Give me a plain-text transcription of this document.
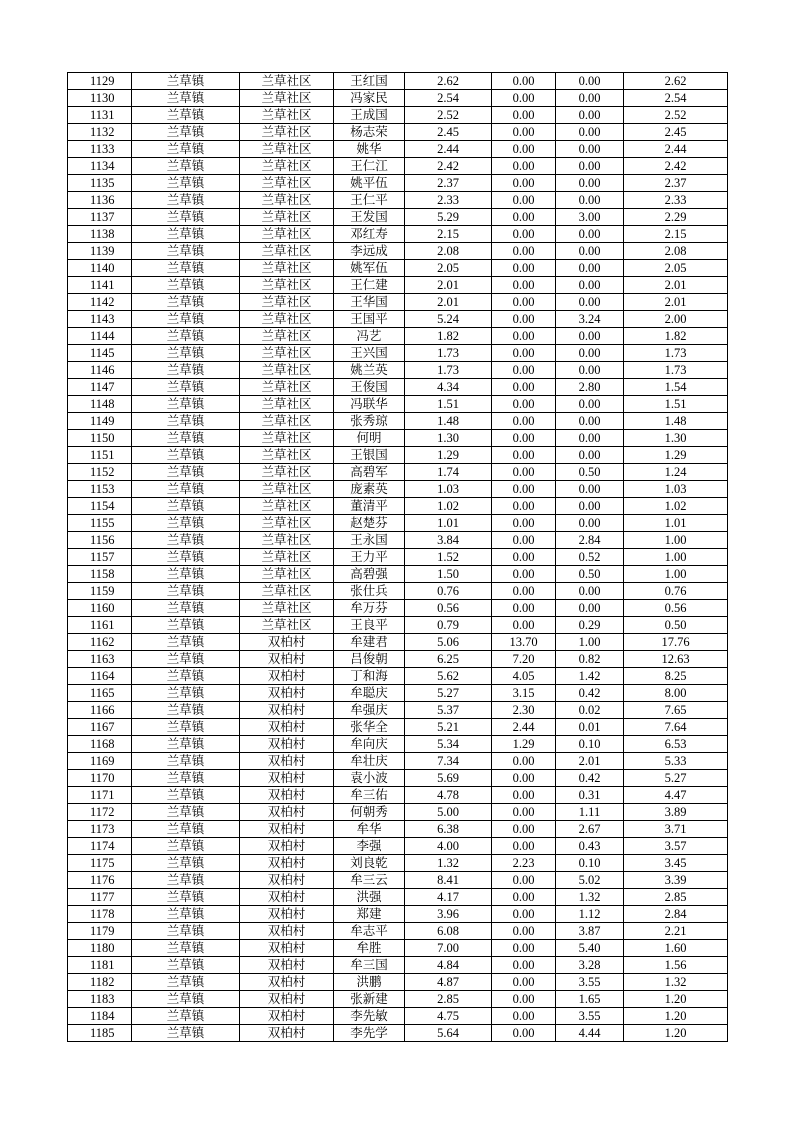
1129	兰草镇	兰草社区	王红国	2.62	0.00	0.00	2.62
1130	兰草镇	兰草社区	冯家民	2.54	0.00	0.00	2.54
1131	兰草镇	兰草社区	王成国	2.52	0.00	0.00	2.52
1132	兰草镇	兰草社区	杨志荣	2.45	0.00	0.00	2.45
1133	兰草镇	兰草社区	姚华	2.44	0.00	0.00	2.44
1134	兰草镇	兰草社区	王仁江	2.42	0.00	0.00	2.42
1135	兰草镇	兰草社区	姚平伍	2.37	0.00	0.00	2.37
1136	兰草镇	兰草社区	王仁平	2.33	0.00	0.00	2.33
1137	兰草镇	兰草社区	王发国	5.29	0.00	3.00	2.29
1138	兰草镇	兰草社区	邓红寿	2.15	0.00	0.00	2.15
1139	兰草镇	兰草社区	李远成	2.08	0.00	0.00	2.08
1140	兰草镇	兰草社区	姚军伍	2.05	0.00	0.00	2.05
1141	兰草镇	兰草社区	王仁建	2.01	0.00	0.00	2.01
1142	兰草镇	兰草社区	王华国	2.01	0.00	0.00	2.01
1143	兰草镇	兰草社区	王国平	5.24	0.00	3.24	2.00
1144	兰草镇	兰草社区	冯艺	1.82	0.00	0.00	1.82
1145	兰草镇	兰草社区	王兴国	1.73	0.00	0.00	1.73
1146	兰草镇	兰草社区	姚兰英	1.73	0.00	0.00	1.73
1147	兰草镇	兰草社区	王俊国	4.34	0.00	2.80	1.54
1148	兰草镇	兰草社区	冯联华	1.51	0.00	0.00	1.51
1149	兰草镇	兰草社区	张秀琼	1.48	0.00	0.00	1.48
1150	兰草镇	兰草社区	何明	1.30	0.00	0.00	1.30
1151	兰草镇	兰草社区	王银国	1.29	0.00	0.00	1.29
1152	兰草镇	兰草社区	高碧军	1.74	0.00	0.50	1.24
1153	兰草镇	兰草社区	庞素英	1.03	0.00	0.00	1.03
1154	兰草镇	兰草社区	董清平	1.02	0.00	0.00	1.02
1155	兰草镇	兰草社区	赵楚芬	1.01	0.00	0.00	1.01
1156	兰草镇	兰草社区	王永国	3.84	0.00	2.84	1.00
1157	兰草镇	兰草社区	王力平	1.52	0.00	0.52	1.00
1158	兰草镇	兰草社区	高碧强	1.50	0.00	0.50	1.00
1159	兰草镇	兰草社区	张仕兵	0.76	0.00	0.00	0.76
1160	兰草镇	兰草社区	牟万芬	0.56	0.00	0.00	0.56
1161	兰草镇	兰草社区	王良平	0.79	0.00	0.29	0.50
1162	兰草镇	双柏村	牟建君	5.06	13.70	1.00	17.76
1163	兰草镇	双柏村	吕俊朝	6.25	7.20	0.82	12.63
1164	兰草镇	双柏村	丁和海	5.62	4.05	1.42	8.25
1165	兰草镇	双柏村	牟聪庆	5.27	3.15	0.42	8.00
1166	兰草镇	双柏村	牟强庆	5.37	2.30	0.02	7.65
1167	兰草镇	双柏村	张华全	5.21	2.44	0.01	7.64
1168	兰草镇	双柏村	牟向庆	5.34	1.29	0.10	6.53
1169	兰草镇	双柏村	牟壮庆	7.34	0.00	2.01	5.33
1170	兰草镇	双柏村	袁小波	5.69	0.00	0.42	5.27
1171	兰草镇	双柏村	牟三佑	4.78	0.00	0.31	4.47
1172	兰草镇	双柏村	何朝秀	5.00	0.00	1.11	3.89
1173	兰草镇	双柏村	牟华	6.38	0.00	2.67	3.71
1174	兰草镇	双柏村	李强	4.00	0.00	0.43	3.57
1175	兰草镇	双柏村	刘良乾	1.32	2.23	0.10	3.45
1176	兰草镇	双柏村	牟三云	8.41	0.00	5.02	3.39
1177	兰草镇	双柏村	洪强	4.17	0.00	1.32	2.85
1178	兰草镇	双柏村	郑建	3.96	0.00	1.12	2.84
1179	兰草镇	双柏村	牟志平	6.08	0.00	3.87	2.21
1180	兰草镇	双柏村	牟胜	7.00	0.00	5.40	1.60
1181	兰草镇	双柏村	牟三国	4.84	0.00	3.28	1.56
1182	兰草镇	双柏村	洪鹏	4.87	0.00	3.55	1.32
1183	兰草镇	双柏村	张新建	2.85	0.00	1.65	1.20
1184	兰草镇	双柏村	李先敏	4.75	0.00	3.55	1.20
1185	兰草镇	双柏村	李先学	5.64	0.00	4.44	1.20
